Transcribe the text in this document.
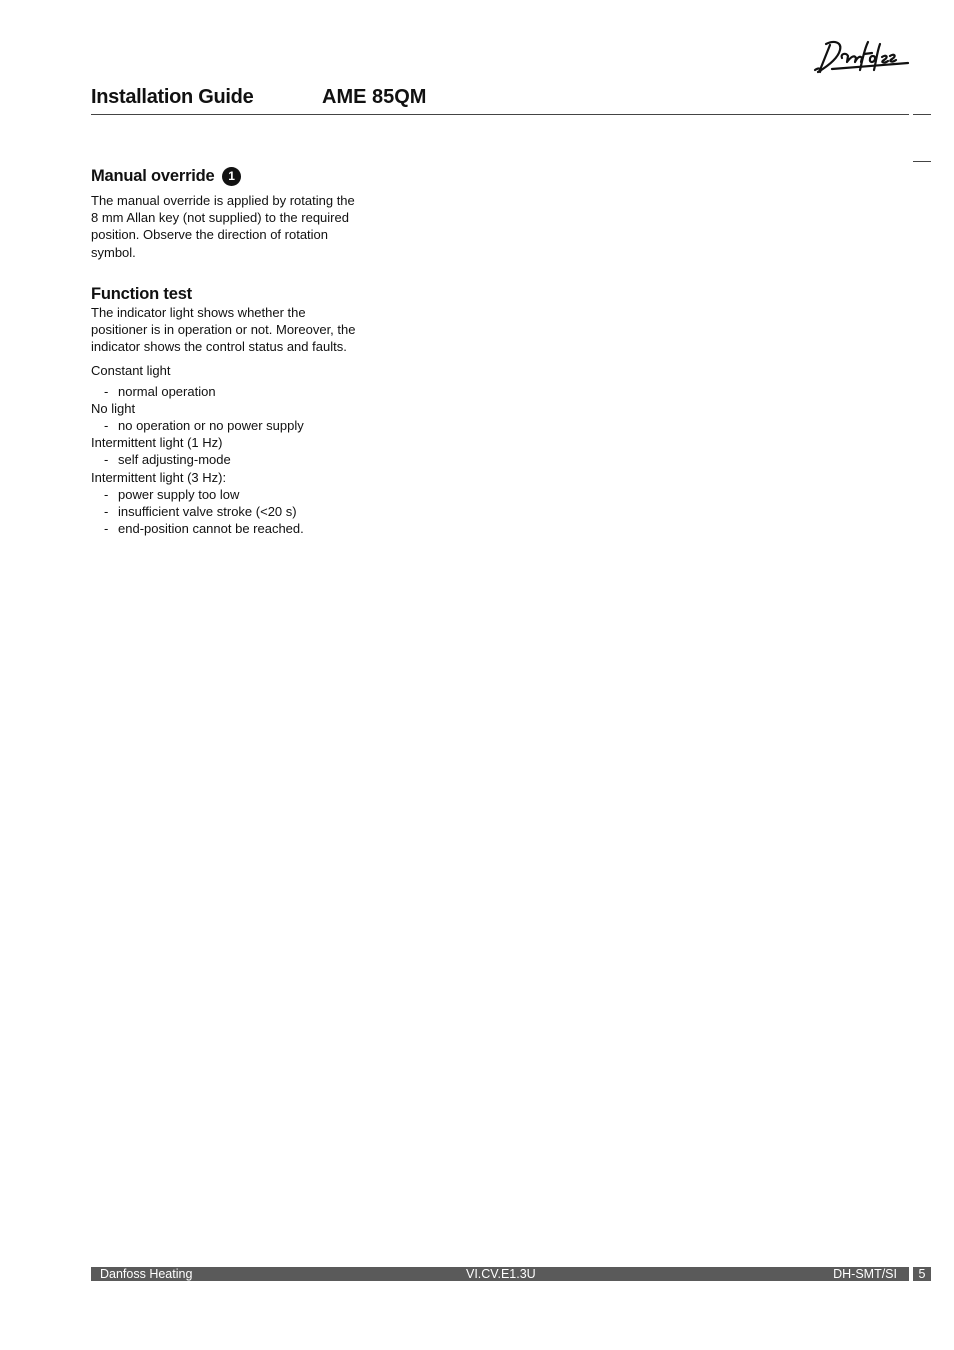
Installation Guide	AME 85QM
Manual override 1

The manual override is applied by rotating the 8 mm Allan key (not supplied) to the required position. Observe the direction of rotation symbol.

Function test

The indicator light shows whether the positioner is in operation or not. Moreover, the indicator shows the control status and faults.

Constant light
- normal operation
No light
- no operation or no power supply
Intermittent light (1 Hz)
- self adjusting-mode
Intermittent light (3 Hz):
- power supply too low
- insufficient valve stroke (<20 s)
- end-position cannot be reached.
Danfoss Heating	VI.CV.E1.3U	DH-SMT/SI	5
